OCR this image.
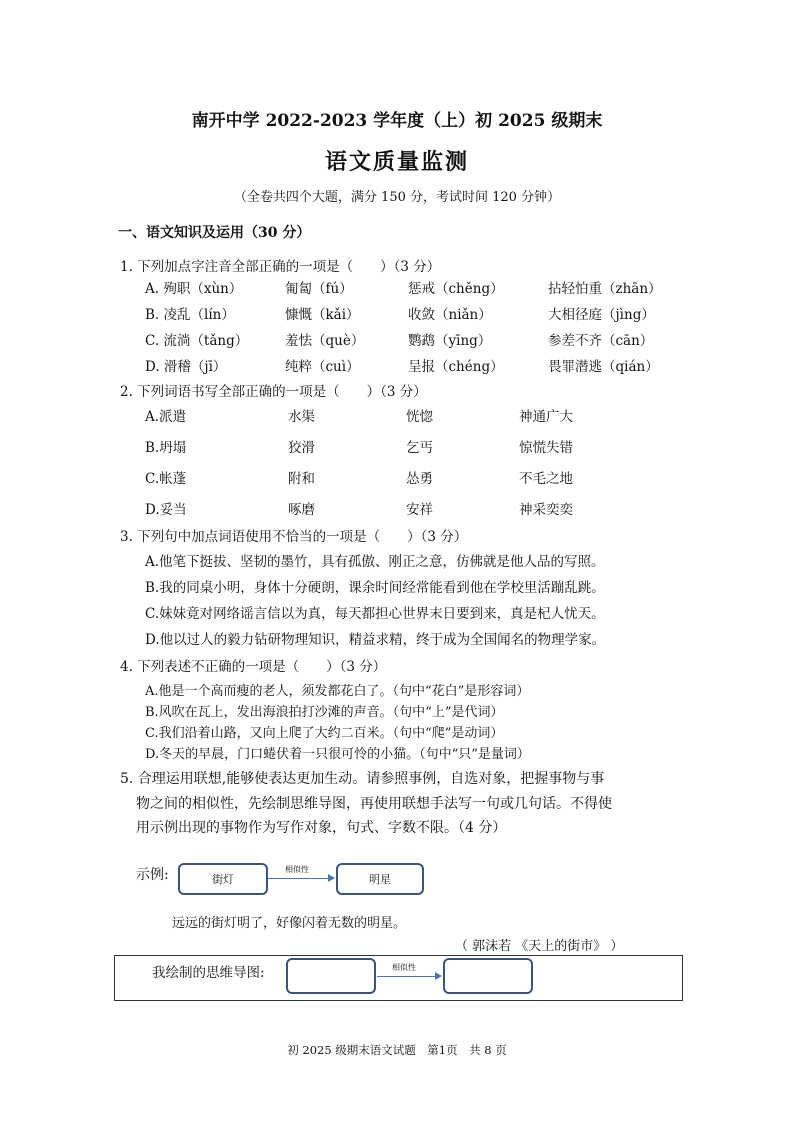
南开中学 2022-2023 学年度（上）初 2025 级期末
语文质量监测
（全卷共四个大题，满分 150 分，考试时间 120 分钟）
一、语文知识及运用（30 分）
1. 下列加点字注音全部正确的一项是（　　）（3 分）
A. 殉职（xùn）	匍匐（fú）	惩戒（chěng）	拈轻怕重（zhān）
B. 凌乱（lín）	慷慨（kǎi）	收敛（niǎn）	大相径庭（jìng）
C. 流淌（tǎng）	羞怯（què）	鹦鹉（yīng）	参差不齐（cān）
D. 滑稽（jī）	纯粹（cuì）	呈报（chéng）	畏罪潜逃（qián）
2. 下列词语书写全部正确的一项是（　　）（3 分）
A.派遣	水渠	恍惚	神通广大
B.坍塌	狡滑	乞丐	惊慌失错
C.帐蓬	附和	怂勇	不毛之地
D.妥当	啄磨	安祥	神采奕奕
3. 下列句中加点词语使用不恰当的一项是（　　）（3 分）
A.他笔下挺拔、坚韧的墨竹，具有孤傲、刚正之意，仿佛就是他人品的写照。
B.我的同桌小明，身体十分硬朗，课余时间经常能看到他在学校里活蹦乱跳。
C.妹妹竟对网络谣言信以为真，每天都担心世界末日要到来，真是杞人忧天。
D.他以过人的毅力钻研物理知识，精益求精，终于成为全国闻名的物理学家。
4. 下列表述不正确的一项是（　　）（3 分）
A.他是一个高而瘦的老人，须发都花白了。（句中“花白”是形容词）
B.风吹在瓦上，发出海浪拍打沙滩的声音。（句中“上”是代词）
C.我们沿着山路，又向上爬了大约二百米。（句中“爬”是动词）
D.冬天的早晨，门口蜷伏着一只很可怜的小猫。（句中“只”是量词）
5. 合理运用联想,能够使表达更加生动。请参照事例，自选对象，把握事物与事
物之间的相似性，先绘制思维导图，再使用联想手法写一句或几句话。不得使
用示例出现的事物作为写作对象，句式、字数不限。（4 分）
示例:	街灯
相似性
明星
远远的街灯明了，好像闪着无数的明星。
（ 郭沫若 《天上的街市》 ）
我绘制的思维导图:	相似性
初 2025 级期末语文试题　第1页　共 8 页
